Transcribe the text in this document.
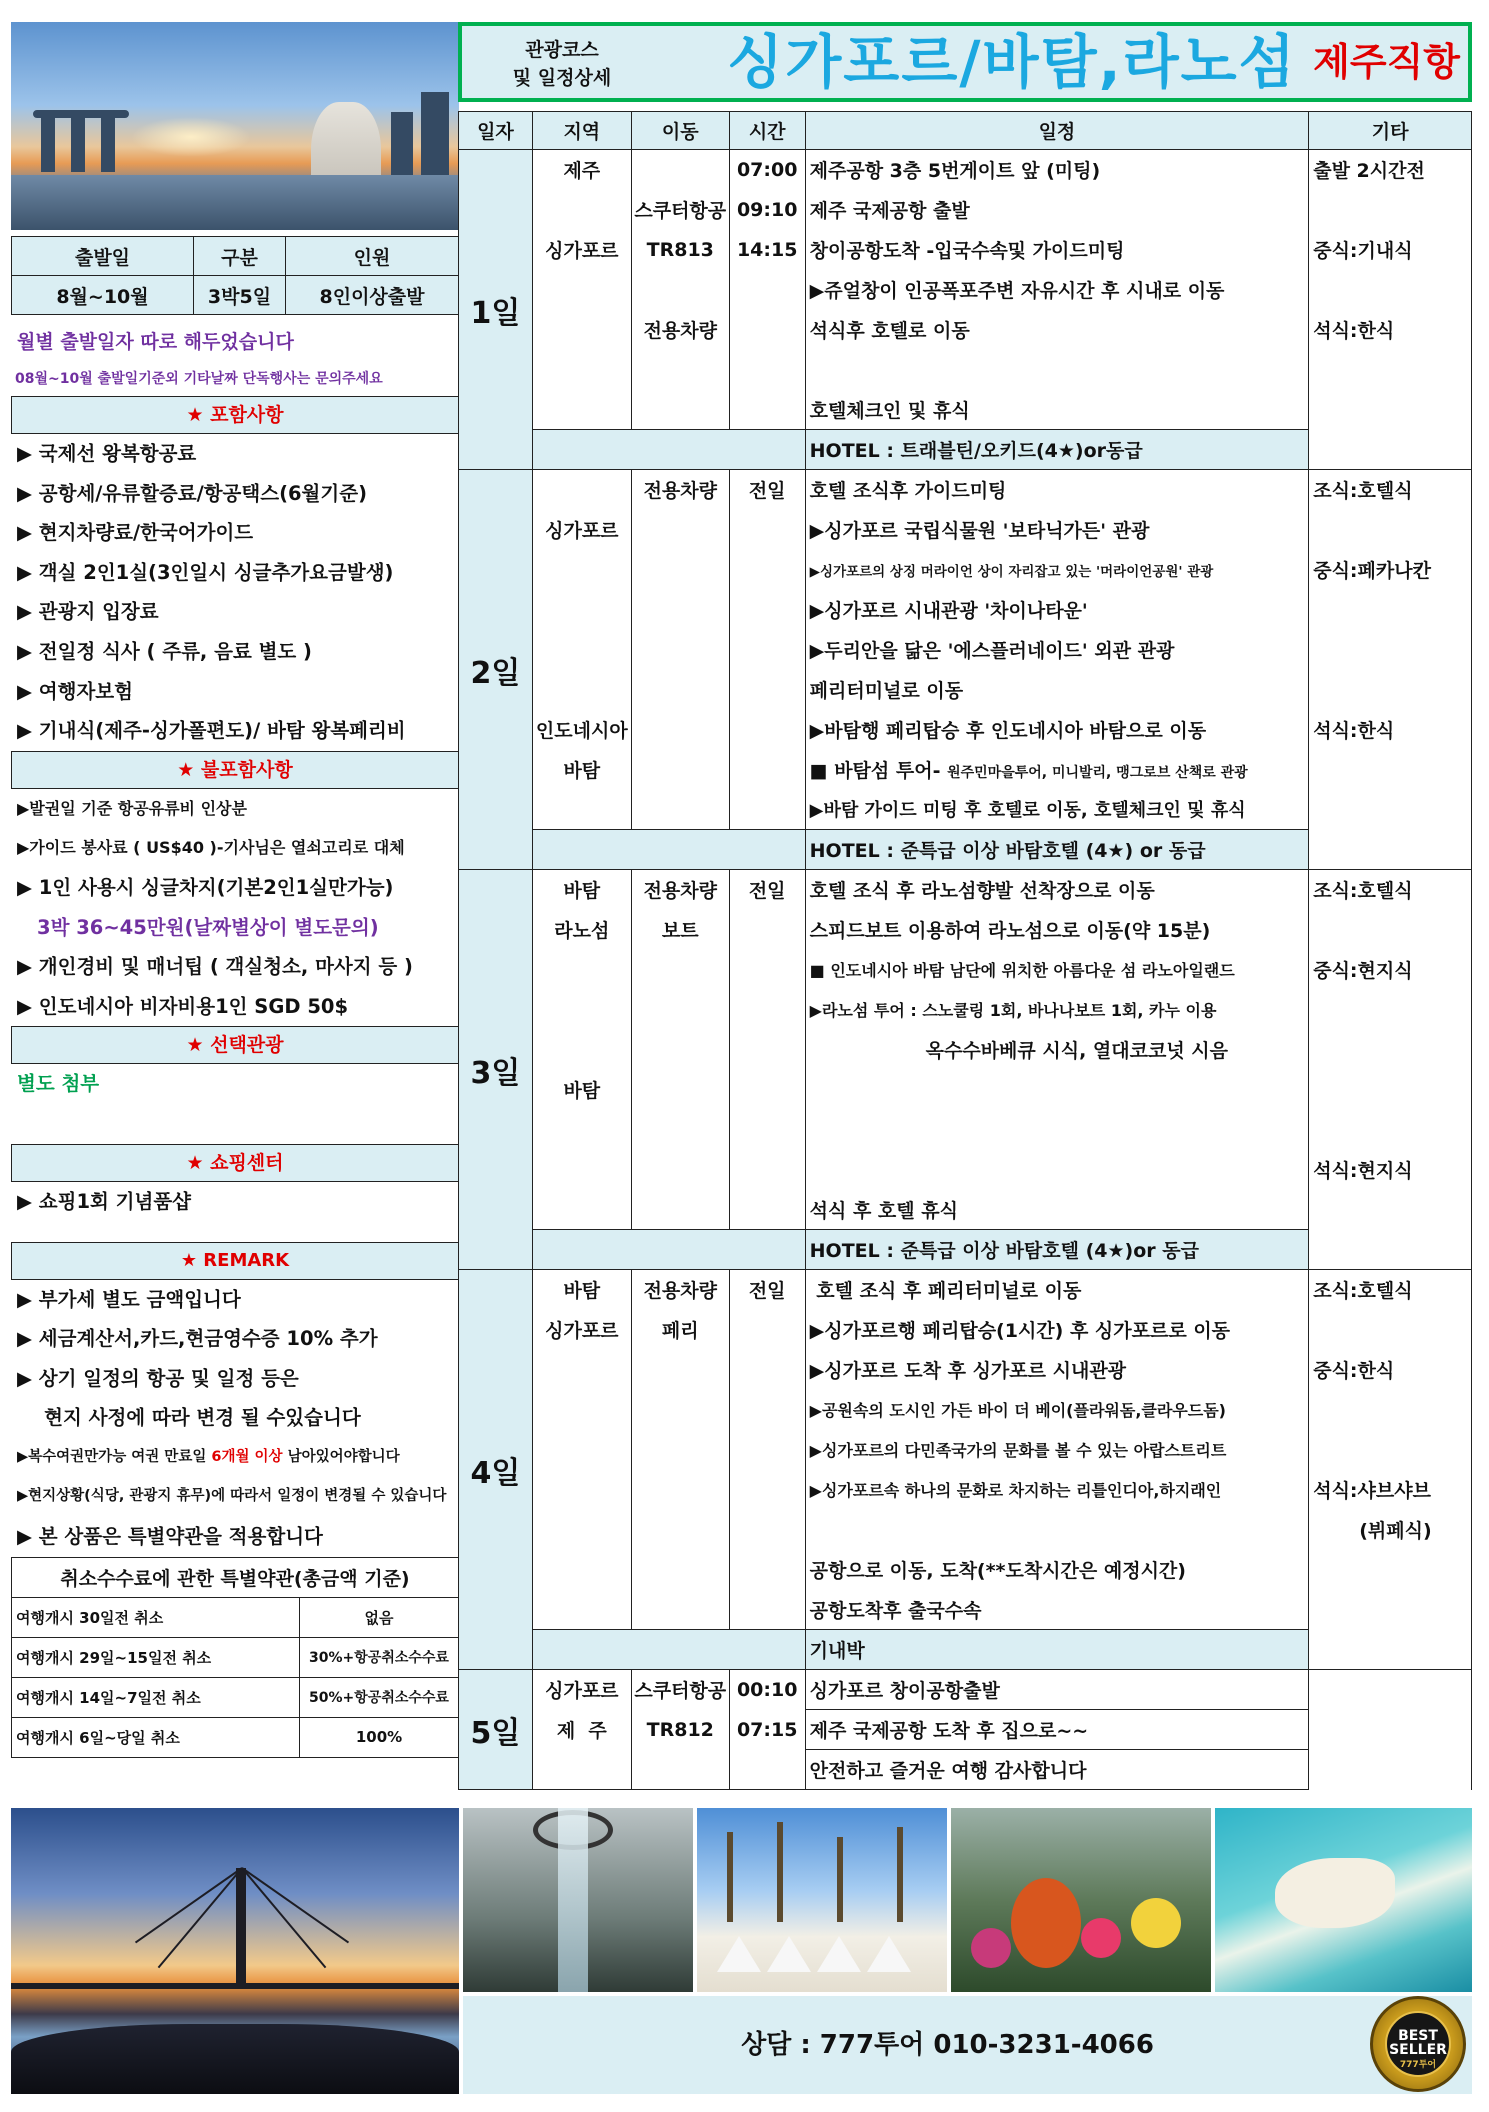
출발일	구분	인원
8월~10월	3박5일	8인이상출발
월별 출발일자 따로 해두었습니다
08월~10월 출발일기준외 기타날짜 단독행사는 문의주세요
★ 포함사항
▶ 국제선 왕복항공료
▶ 공항세/유류할증료/항공택스(6월기준)
▶ 현지차량료/한국어가이드
▶ 객실 2인1실(3인일시 싱글추가요금발생)
▶ 관광지 입장료
▶ 전일정 식사 ( 주류, 음료 별도 )
▶ 여행자보험
▶ 기내식(제주-싱가폴편도)/ 바탐 왕복페리비
★ 불포함사항
▶발권일 기준 항공유류비 인상분
▶가이드 봉사료 ( US$40 )-기사님은 열쇠고리로 대체
▶ 1인 사용시 싱글차지(기본2인1실만가능)
3박 36~45만원(날짜별상이 별도문의)
▶ 개인경비 및 매너팁 ( 객실청소, 마사지 등 )
▶ 인도네시아 비자비용1인 SGD 50$
★ 선택관광
별도 첨부
★ 쇼핑센터
▶ 쇼핑1회 기념품샵
★ REMARK
▶ 부가세 별도 금액입니다
▶ 세금계산서,카드,현금영수증 10% 추가
▶ 상기 일정의 항공 및 일정 등은
현지 사정에 따라 변경 될 수있습니다
▶복수여권만가능 여권 만료일 6개월 이상 남아있어야합니다
▶현지상황(식당, 관광지 휴무)에 따라서 일정이 변경될 수 있습니다
▶ 본 상품은 특별약관을 적용합니다
취소수수료에 관한 특별약관(총금액 기준)	
여행개시 30일전 취소	없음
여행개시 29일~15일전 취소	30%+항공취소수수료
여행개시 14일~7일전 취소	50%+항공취소수수료
여행개시 6일~당일 취소	100%
관광코스
및 일정상세 싱가포르/바탐,라노섬 제주직항
일자	지역	이동	시간	일정	기타
1일	제주		07:00	제주공항 3층 5번게이트 앞 (미팅)	출발 2시간전
		스쿠터항공	09:10	제주 국제공항 출발	
	싱가포르	TR813	14:15	창이공항도착 -입국수속및 가이드미팅	중식:기내식
				▶쥬얼창이 인공폭포주변 자유시간 후 시내로 이동	
		전용차량		석식후 호텔로 이동	석식:한식

				호텔체크인 및 휴식	
				HOTEL : 트래블틴/오키드(4★)or동급	
2일		전용차량	전일	호텔 조식후 가이드미팅	조식:호텔식
	싱가포르			▶싱가포르 국립식물원 '보타닉가든' 관광	
				▶싱가포르의 상징 머라이언 상이 자리잡고 있는 '머라이언공원' 관광	중식:페카나칸
				▶싱가포르 시내관광 '차이나타운'	
				▶두리안을 닮은 '에스플러네이드' 외관 관광	
				페리터미널로 이동	
	인도네시아			▶바탐행 페리탑승 후 인도네시아 바탐으로 이동	석식:한식
	바탐			■ 바탐섬 투어- 원주민마을투어, 미니발리, 맹그로브 산책로 관광	
				▶바탐 가이드 미팅 후 호텔로 이동, 호텔체크인 및 휴식	
				HOTEL : 준특급 이상 바탐호텔 (4★) or 동급	
3일	바탐	전용차량	전일	호텔 조식 후 라노섬향발 선착장으로 이동	조식:호텔식
	라노섬	보트		스피드보트 이용하여 라노섬으로 이동(약 15분)	
				■ 인도네시아 바탐 남단에 위치한 아름다운 섬 라노아일랜드	중식:현지식
				▶라노섬 투어 : 스노쿨링 1회, 바나나보트 1회, 카누 이용	
				옥수수바베큐 시식, 열대코코넛 시음	
	바탐				

					석식:현지식
				석식 후 호텔 휴식	
				HOTEL : 준특급 이상 바탐호텔 (4★)or 동급	
4일	바탐	전용차량	전일	호텔 조식 후 페리터미널로 이동	조식:호텔식
	싱가포르	페리		▶싱가포르행 페리탑승(1시간) 후 싱가포르로 이동	
				▶싱가포르 도착 후 싱가포르 시내관광	중식:한식
				▶공원속의 도시인 가든 바이 더 베이(플라워돔,클라우드돔)	
				▶싱가포르의 다민족국가의 문화를 볼 수 있는 아랍스트리트	
				▶싱가포르속 하나의 문화로 차지하는 리틀인디아,하지래인	석식:샤브샤브
					(뷔페식)
				공항으로 이동, 도착(**도착시간은 예정시간)	
				공항도착후 출국수속	
				기내박	
5일	싱가포르	스쿠터항공	00:10	싱가포르 창이공항출발	
	제  주	TR812	07:15	제주 국제공항 도착 후 집으로~~	
				안전하고 즐거운 여행 감사합니다	
상담 : 777투어 010-3231-4066	BEST SELLER
777투어
